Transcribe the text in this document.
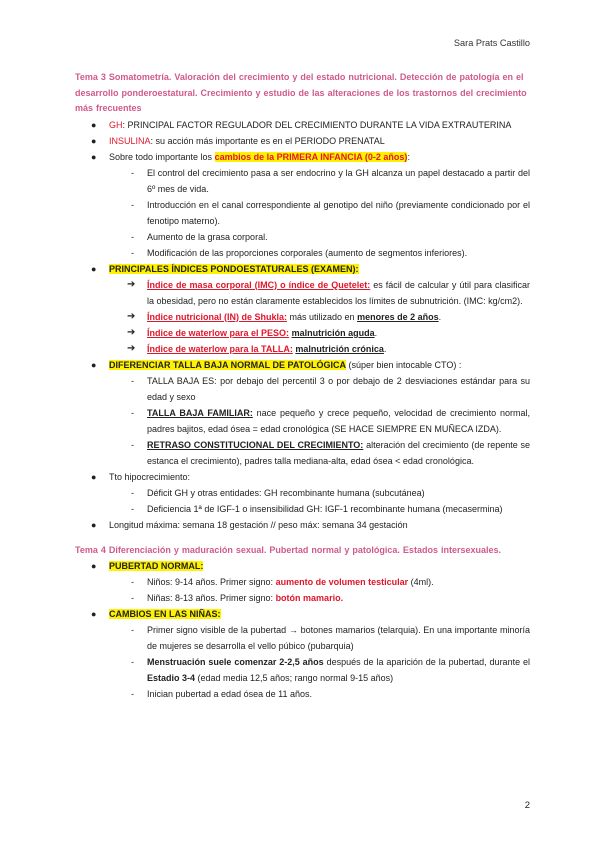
Sara Prats Castillo
Tema 3 Somatometría. Valoración del crecimiento y del estado nutricional. Detección de patología en el desarrollo ponderoestatural. Crecimiento y estudio de las alteraciones de los trastornos del crecimiento más frecuentes
● GH: PRINCIPAL FACTOR REGULADOR DEL CRECIMIENTO DURANTE LA VIDA EXTRAUTERINA
● INSULINA: su acción más importante es en el PERIODO PRENATAL
● Sobre todo importante los cambios de la PRIMERA INFANCIA (0-2 años):
- El control del crecimiento pasa a ser endocrino y la GH alcanza un papel destacado a partir del 6º mes de vida.
- Introducción en el canal correspondiente al genotipo del niño (previamente condicionado por el fenotipo materno).
- Aumento de la grasa corporal.
- Modificación de las proporciones corporales (aumento de segmentos inferiores).
● PRINCIPALES ÍNDICES PONDOESTATURALES (EXAMEN):
➔ Índice de masa corporal (IMC) o índice de Quetelet: es fácil de calcular y útil para clasificar la obesidad, pero no están claramente establecidos los límites de subnutrición. (IMC: kg/cm2).
➔ Índice nutricional (IN) de Shukla: más utilizado en menores de 2 años.
➔ Índice de waterlow para el PESO: malnutrición aguda.
➔ Índice de waterlow para la TALLA: malnutrición crónica.
● DIFERENCIAR TALLA BAJA NORMAL DE PATOLÓGICA (súper bien intocable CTO) :
- TALLA BAJA ES: por debajo del percentil 3 o por debajo de 2 desviaciones estándar para su edad y sexo
- TALLA BAJA FAMILIAR: nace pequeño y crece pequeño, velocidad de crecimiento normal, padres bajitos, edad ósea = edad cronológica (SE HACE SIEMPRE EN MUÑECA IZDA).
- RETRASO CONSTITUCIONAL DEL CRECIMIENTO: alteración del crecimiento (de repente se estanca el crecimiento), padres talla mediana-alta, edad ósea < edad cronológica.
● Tto hipocrecimiento:
- Déficit GH y otras entidades: GH recombinante humana (subcutánea)
- Deficiencia 1ª de IGF-1 o insensibilidad GH: IGF-1 recombinante humana (mecasermina)
● Longitud máxima: semana 18 gestación // peso máx: semana 34 gestación
Tema 4 Diferenciación y maduración sexual. Pubertad normal y patológica. Estados intersexuales.
● PUBERTAD NORMAL:
- Niños: 9-14 años. Primer signo: aumento de volumen testicular (4ml).
- Niñas: 8-13 años. Primer signo: botón mamario.
● CAMBIOS EN LAS NIÑAS:
- Primer signo visible de la pubertad → botones mamarios (telarquia). En una importante minoría de mujeres se desarrolla el vello púbico (pubarquia)
- Menstruación suele comenzar 2-2,5 años después de la aparición de la pubertad, durante el Estadio 3-4 (edad media 12,5 años; rango normal 9-15 años)
- Inician pubertad a edad ósea de 11 años.
2
